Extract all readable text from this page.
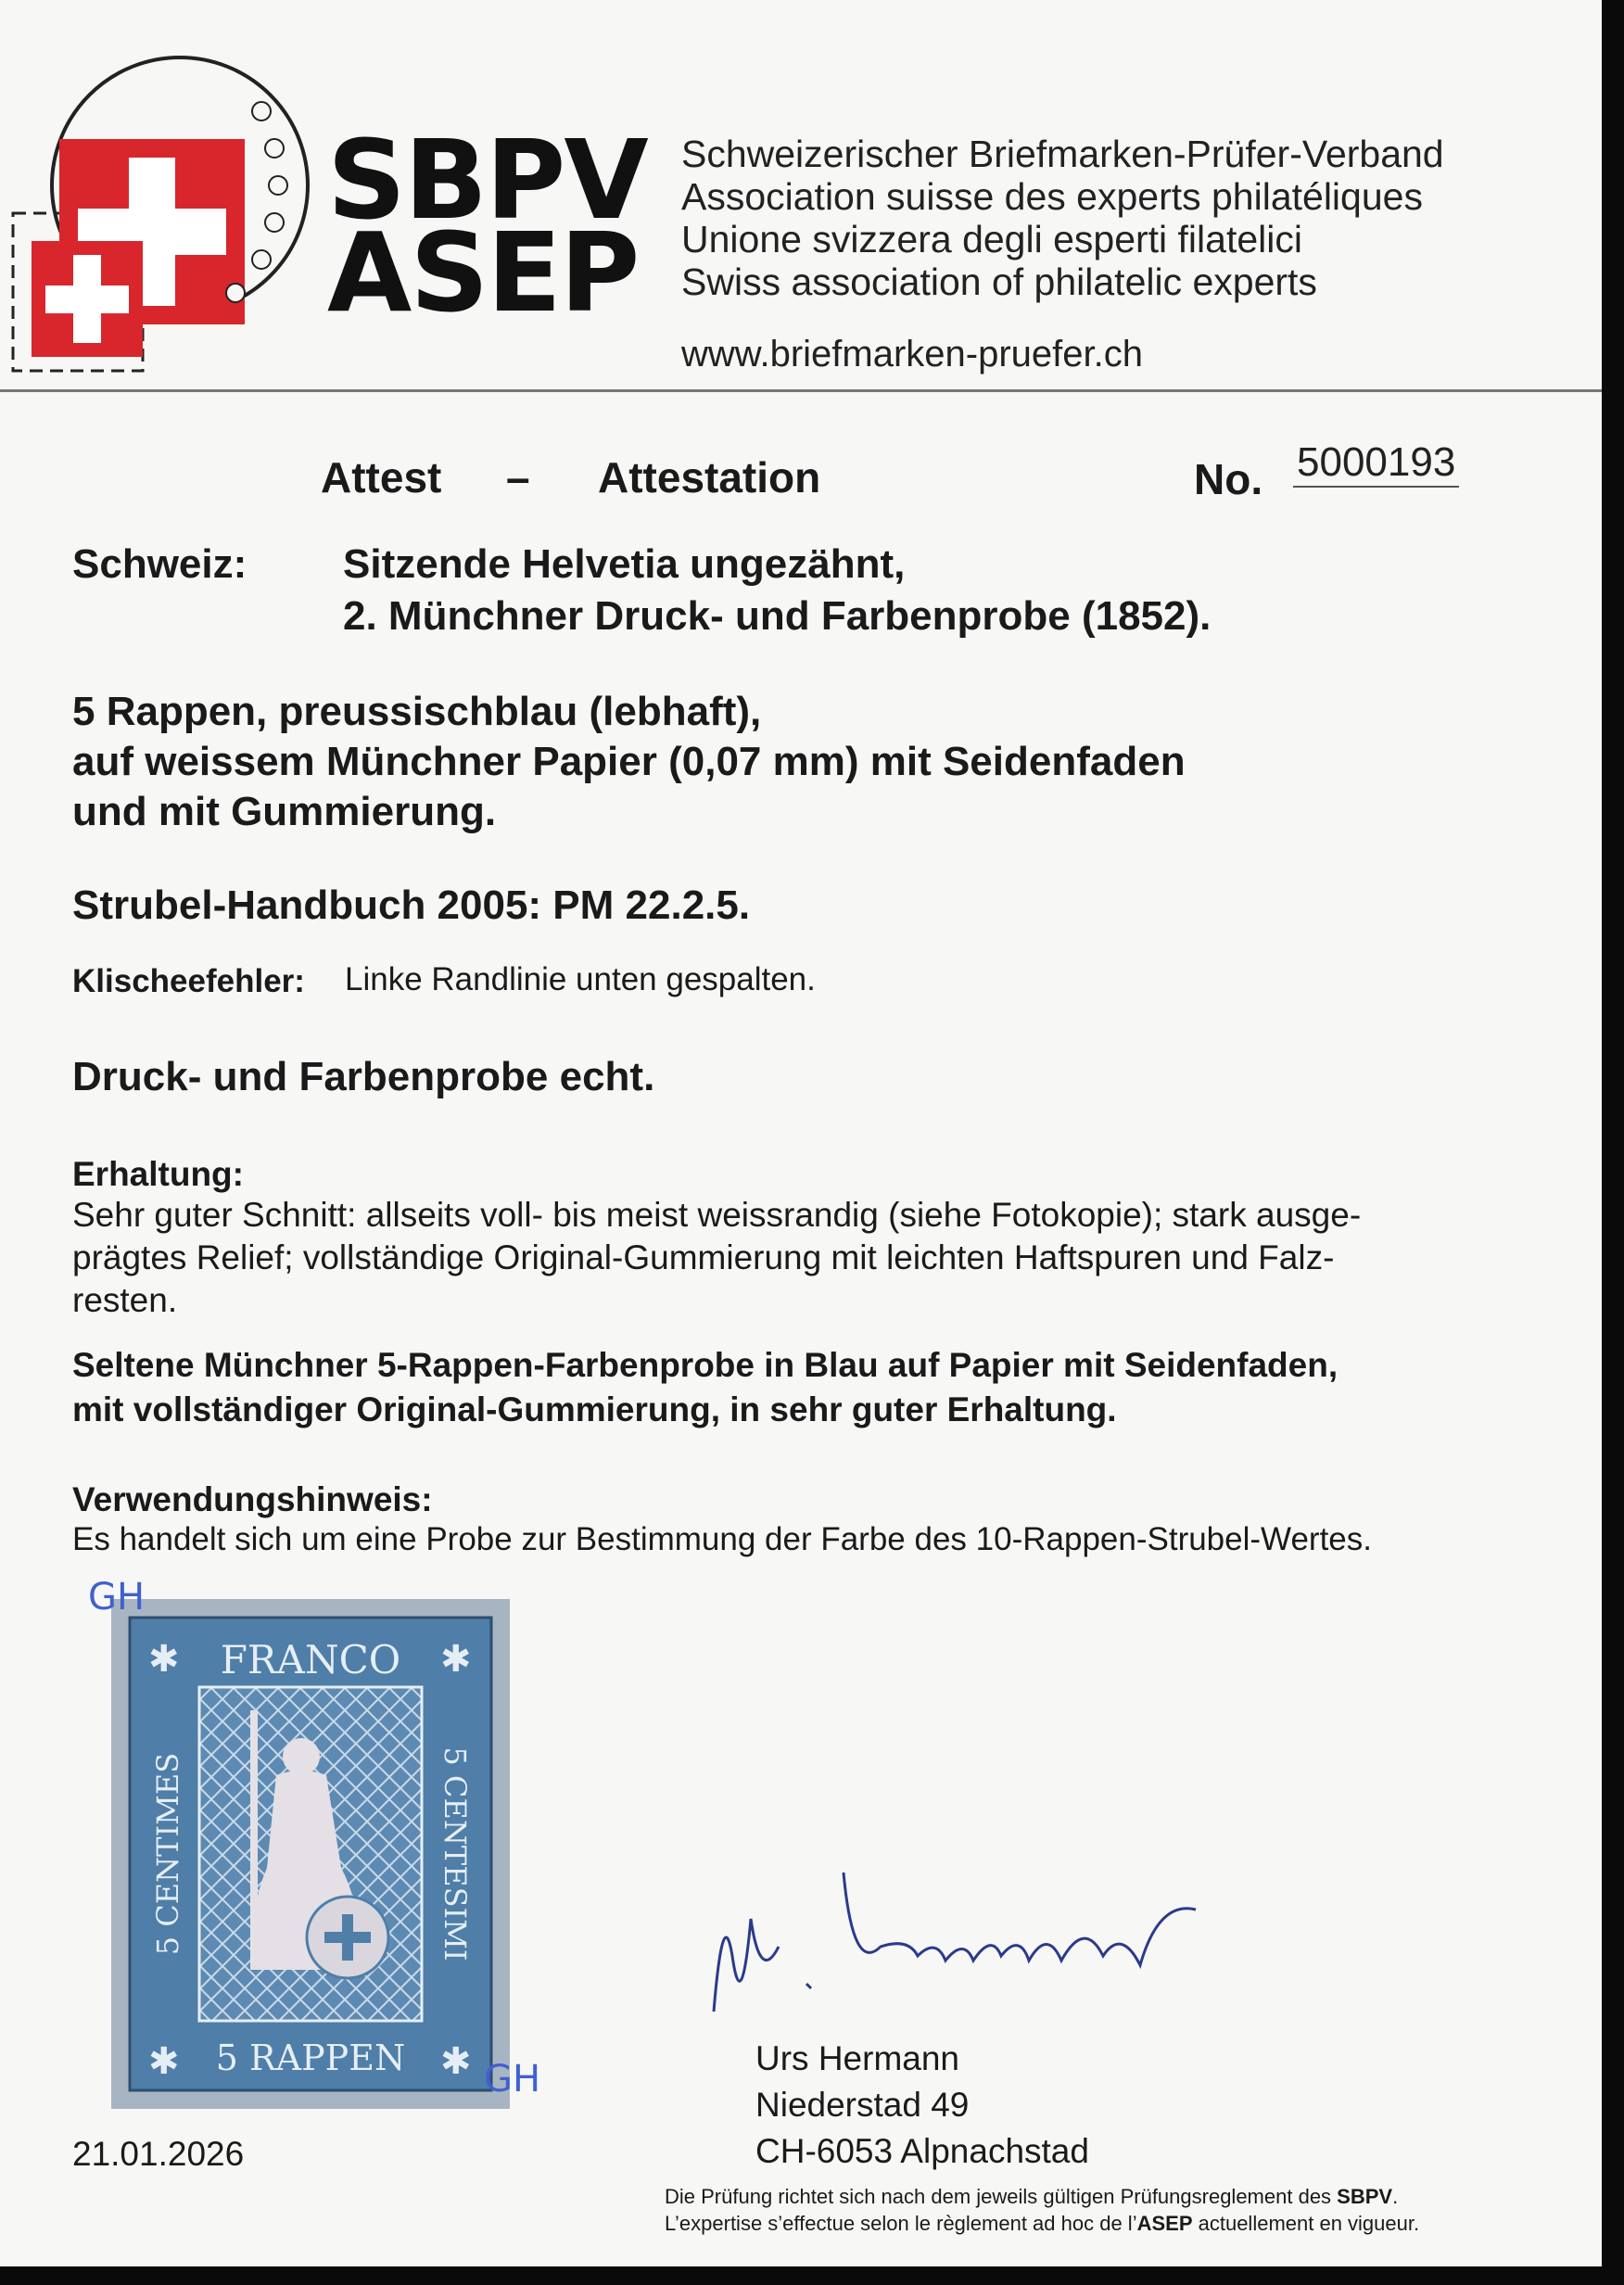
SBPV
ASEP
Schweizerischer Briefmarken-Prüfer-Verband
Association suisse des experts philatéliques
Unione svizzera degli esperti filatelici
Swiss association of philatelic experts
www.briefmarken-pruefer.ch
Attest – Attestation	No. 5000193
Schweiz: Sitzende Helvetia ungezähnt,
2. Münchner Druck- und Farbenprobe (1852).
5 Rappen, preussischblau (lebhaft),
auf weissem Münchner Papier (0,07 mm) mit Seidenfaden
und mit Gummierung.
Strubel-Handbuch 2005: PM 22.2.5.
Klischeefehler: Linke Randlinie unten gespalten.
Druck- und Farbenprobe echt.
Erhaltung:
Sehr guter Schnitt: allseits voll- bis meist weissrandig (siehe Fotokopie); stark ausge-
prägtes Relief; vollständige Original-Gummierung mit leichten Haftspuren und Falz-
resten.
Seltene Münchner 5-Rappen-Farbenprobe in Blau auf Papier mit Seidenfaden,
mit vollständiger Original-Gummierung, in sehr guter Erhaltung.
Verwendungshinweis:
Es handelt sich um eine Probe zur Bestimmung der Farbe des 10-Rappen-Strubel-Wertes.
✱	✱
✱	✱
FRANCO
5 RAPPEN
5 CENTIMES	5 CENTESIMI
GH
GH
21.01.2026
Urs Hermann
Niederstad 49
CH-6053 Alpnachstad
Die Prüfung richtet sich nach dem jeweils gültigen Prüfungsreglement des SBPV.
L’expertise s’effectue selon le règlement ad hoc de l’ASEP actuellement en vigueur.
